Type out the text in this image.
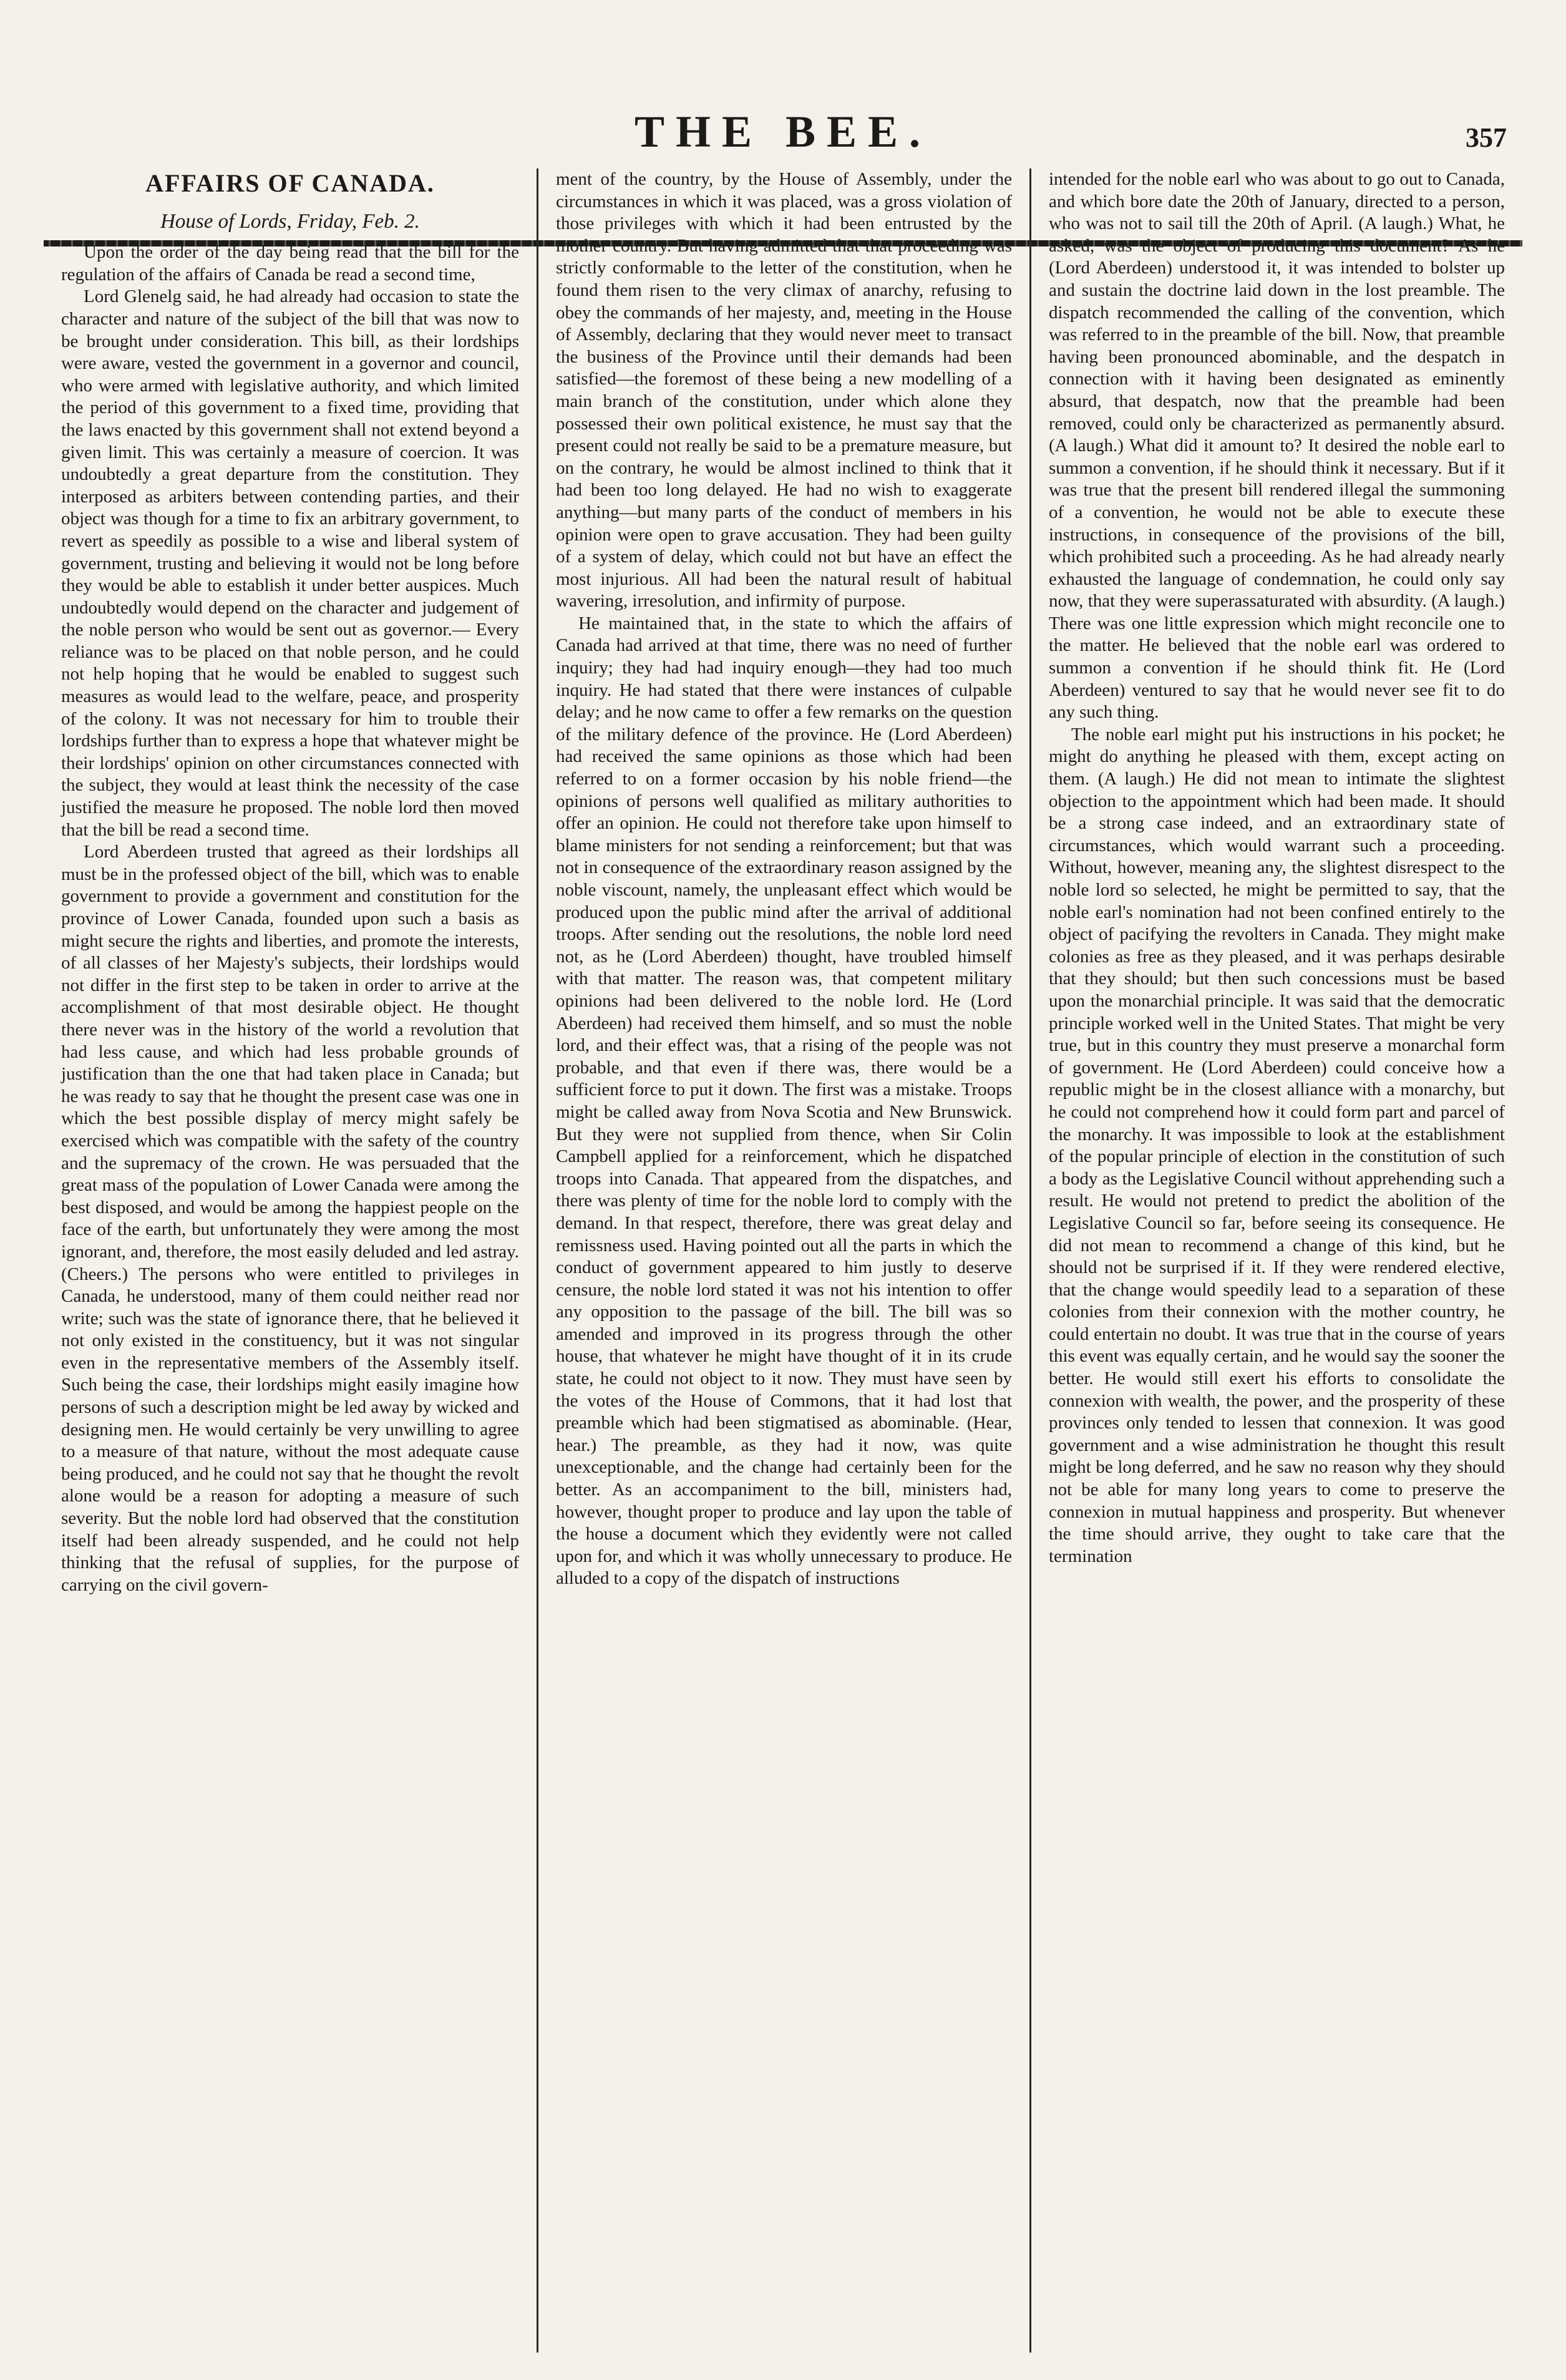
THE BEE.	357
AFFAIRS OF CANADA.
House of Lords, Friday, Feb. 2.

Upon the order of the day being read that the bill for the regulation of the affairs of Canada be read a second time,

Lord Glenelg said, he had already had occasion to state the character and nature of the subject of the bill that was now to be brought under consideration. This bill, as their lordships were aware, vested the government in a governor and council, who were armed with legislative authority, and which limited the period of this government to a fixed time, providing that the laws enacted by this government shall not extend beyond a given limit. This was certainly a measure of coercion. It was undoubtedly a great departure from the constitution. They interposed as arbiters between contending parties, and their object was though for a time to fix an arbitrary government, to revert as speedily as possible to a wise and liberal system of government, trusting and believing it would not be long before they would be able to establish it under better auspices. Much undoubtedly would depend on the character and judgement of the noble person who would be sent out as governor.— Every reliance was to be placed on that noble person, and he could not help hoping that he would be enabled to suggest such measures as would lead to the welfare, peace, and prosperity of the colony. It was not necessary for him to trouble their lordships further than to express a hope that whatever might be their lordships' opinion on other circumstances connected with the subject, they would at least think the necessity of the case justified the measure he proposed. The noble lord then moved that the bill be read a second time.

Lord Aberdeen trusted that agreed as their lordships all must be in the professed object of the bill, which was to enable government to provide a government and constitution for the province of Lower Canada, founded upon such a basis as might secure the rights and liberties, and promote the interests, of all classes of her Majesty's subjects, their lordships would not differ in the first step to be taken in order to arrive at the accomplishment of that most desirable object. He thought there never was in the history of the world a revolution that had less cause, and which had less probable grounds of justification than the one that had taken place in Canada; but he was ready to say that he thought the present case was one in which the best possible display of mercy might safely be exercised which was compatible with the safety of the country and the supremacy of the crown. He was persuaded that the great mass of the population of Lower Canada were among the best disposed, and would be among the happiest people on the face of the earth, but unfortunately they were among the most ignorant, and, therefore, the most easily deluded and led astray. (Cheers.) The persons who were entitled to privileges in Canada, he understood, many of them could neither read nor write; such was the state of ignorance there, that he believed it not only existed in the constituency, but it was not singular even in the representative members of the Assembly itself. Such being the case, their lordships might easily imagine how persons of such a description might be led away by wicked and designing men. He would certainly be very unwilling to agree to a measure of that nature, without the most adequate cause being produced, and he could not say that he thought the revolt alone would be a reason for adopting a measure of such severity. But the noble lord had observed that the constitution itself had been already suspended, and he could not help thinking that the refusal of supplies, for the purpose of carrying on the civil govern-

ment of the country, by the House of Assembly, under the circumstances in which it was placed, was a gross violation of those privileges with which it had been entrusted by the mother country. But having admitted that that proceeding was strictly conformable to the letter of the constitution, when he found them risen to the very climax of anarchy, refusing to obey the commands of her majesty, and, meeting in the House of Assembly, declaring that they would never meet to transact the business of the Province until their demands had been satisfied—the foremost of these being a new modelling of a main branch of the constitution, under which alone they possessed their own political existence, he must say that the present could not really be said to be a premature measure, but on the contrary, he would be almost inclined to think that it had been too long delayed. He had no wish to exaggerate anything—but many parts of the conduct of members in his opinion were open to grave accusation. They had been guilty of a system of delay, which could not but have an effect the most injurious. All had been the natural result of habitual wavering, irresolution, and infirmity of purpose.

He maintained that, in the state to which the affairs of Canada had arrived at that time, there was no need of further inquiry; they had had inquiry enough—they had too much inquiry. He had stated that there were instances of culpable delay; and he now came to offer a few remarks on the question of the military defence of the province. He (Lord Aberdeen) had received the same opinions as those which had been referred to on a former occasion by his noble friend—the opinions of persons well qualified as military authorities to offer an opinion. He could not therefore take upon himself to blame ministers for not sending a reinforcement; but that was not in consequence of the extraordinary reason assigned by the noble viscount, namely, the unpleasant effect which would be produced upon the public mind after the arrival of additional troops. After sending out the resolutions, the noble lord need not, as he (Lord Aberdeen) thought, have troubled himself with that matter. The reason was, that competent military opinions had been delivered to the noble lord. He (Lord Aberdeen) had received them himself, and so must the noble lord, and their effect was, that a rising of the people was not probable, and that even if there was, there would be a sufficient force to put it down. The first was a mistake. Troops might be called away from Nova Scotia and New Brunswick. But they were not supplied from thence, when Sir Colin Campbell applied for a reinforcement, which he dispatched troops into Canada. That appeared from the dispatches, and there was plenty of time for the noble lord to comply with the demand. In that respect, therefore, there was great delay and remissness used. Having pointed out all the parts in which the conduct of government appeared to him justly to deserve censure, the noble lord stated it was not his intention to offer any opposition to the passage of the bill. The bill was so amended and improved in its progress through the other house, that whatever he might have thought of it in its crude state, he could not object to it now. They must have seen by the votes of the House of Commons, that it had lost that preamble which had been stigmatised as abominable. (Hear, hear.) The preamble, as they had it now, was quite unexceptionable, and the change had certainly been for the better. As an accompaniment to the bill, ministers had, however, thought proper to produce and lay upon the table of the house a document which they evidently were not called upon for, and which it was wholly unnecessary to produce. He alluded to a copy of the dispatch of instructions

intended for the noble earl who was about to go out to Canada, and which bore date the 20th of January, directed to a person, who was not to sail till the 20th of April. (A laugh.) What, he asked, was the object of producing this document? As he (Lord Aberdeen) understood it, it was intended to bolster up and sustain the doctrine laid down in the lost preamble. The dispatch recommended the calling of the convention, which was referred to in the preamble of the bill. Now, that preamble having been pronounced abominable, and the despatch in connection with it having been designated as eminently absurd, that despatch, now that the preamble had been removed, could only be characterized as permanently absurd. (A laugh.) What did it amount to? It desired the noble earl to summon a convention, if he should think it necessary. But if it was true that the present bill rendered illegal the summoning of a convention, he would not be able to execute these instructions, in consequence of the provisions of the bill, which prohibited such a proceeding. As he had already nearly exhausted the language of condemnation, he could only say now, that they were superassaturated with absurdity. (A laugh.) There was one little expression which might reconcile one to the matter. He believed that the noble earl was ordered to summon a convention if he should think fit. He (Lord Aberdeen) ventured to say that he would never see fit to do any such thing.

The noble earl might put his instructions in his pocket; he might do anything he pleased with them, except acting on them. (A laugh.) He did not mean to intimate the slightest objection to the appointment which had been made. It should be a strong case indeed, and an extraordinary state of circumstances, which would warrant such a proceeding. Without, however, meaning any, the slightest disrespect to the noble lord so selected, he might be permitted to say, that the noble earl's nomination had not been confined entirely to the object of pacifying the revolters in Canada. They might make colonies as free as they pleased, and it was perhaps desirable that they should; but then such concessions must be based upon the monarchial principle. It was said that the democratic principle worked well in the United States. That might be very true, but in this country they must preserve a monarchal form of government. He (Lord Aberdeen) could conceive how a republic might be in the closest alliance with a monarchy, but he could not comprehend how it could form part and parcel of the monarchy. It was impossible to look at the establishment of the popular principle of election in the constitution of such a body as the Legislative Council without apprehending such a result. He would not pretend to predict the abolition of the Legislative Council so far, before seeing its consequence. He did not mean to recommend a change of this kind, but he should not be surprised if it. If they were rendered elective, that the change would speedily lead to a separation of these colonies from their connexion with the mother country, he could entertain no doubt. It was true that in the course of years this event was equally certain, and he would say the sooner the better. He would still exert his efforts to consolidate the connexion with wealth, the power, and the prosperity of these provinces only tended to lessen that connexion. It was good government and a wise administration he thought this result might be long deferred, and he saw no reason why they should not be able for many long years to come to preserve the connexion in mutual happiness and prosperity. But whenever the time should arrive, they ought to take care that the termination
